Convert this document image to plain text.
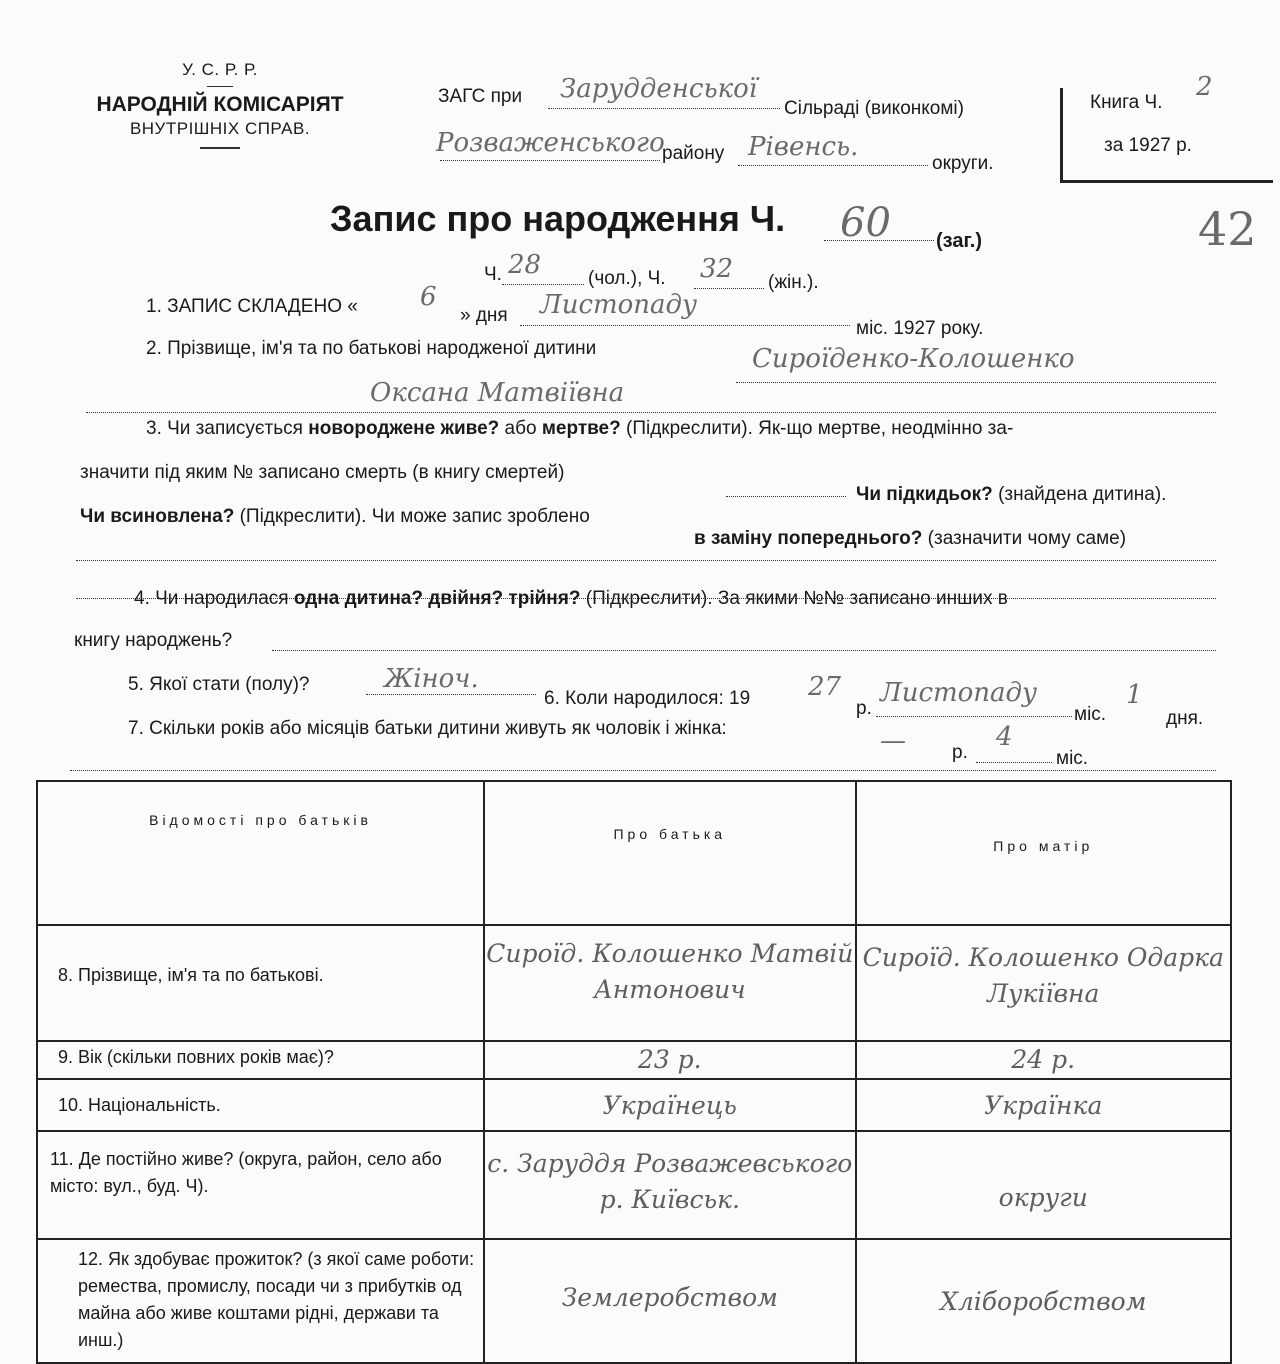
У. С. Р. Р.
НАРОДНІЙ КОМІСАРІЯТ
ВНУТРІШНІХ СПРАВ.
ЗАГС при Зарудденської
Сільраді (виконкомі)
Розваженського
району Рівенсь.
округи.
Книга Ч.
2
за 1927 р.
42
Запис про народження Ч. 60 (заг.)
Ч. 28 (чол.), Ч. 32 (жін.).
1. ЗАПИС СКЛАДЕНО « 6
» дня Листопаду
міс. 1927 року.
2. Прізвище, ім'я та по батькові народженої дитини	Сироїденко-Колошенко
Оксана Матвіївна
3. Чи записується новороджене живе? або мертве? (Підкреслити). Як-що мертве, неодмінно за-
значити під яким № записано смерть (в книгу смертей)
Чи підкидьок? (знайдена дитина).
Чи всиновлена? (Підкреслити). Чи може запис зроблено
в заміну попереднього? (зазначити чому саме)
4. Чи народилася одна дитина? двійня? трійня? (Підкреслити). За якими №№ записано инших в
книгу народжень?
5. Якої стати (полу)?	Жіноч.
6. Коли народилося: 19 27
р.
Листопаду
міс.
1
дня.
7. Скільки років або місяців батьки дитини живуть як чоловік і жінка:	— р.
4
міс.
Відомості про батьків	Про батька	Про матір

8. Прізвище, ім'я та по батькові.	Сироїд. Колошенко Матвій Антонович	Сироїд. Колошенко Одарка Лукіївна

9. Вік (скільки повних років має)?	23 р.	24 р.

10. Національність.	Українець	Українка

11. Де постійно живе? (округа, район, село або місто: вул., буд. Ч).	с. Заруддя Розважевського р. Київськ.	округи

12. Як здобуває прожиток? (з якої саме роботи: ремества, промислу, посади чи з прибутків од майна або живе коштами рідні, держави та инш.)	Землеробством	Хліборобством
